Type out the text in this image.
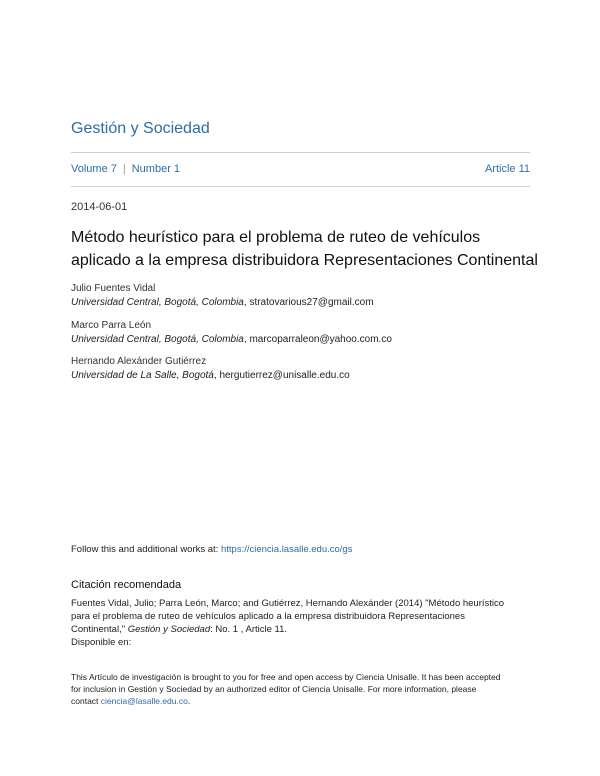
Gestión y Sociedad
Volume 7 | Number 1	Article 11
2014-06-01
Método heurístico para el problema de ruteo de vehículos
aplicado a la empresa distribuidora Representaciones Continental
Julio Fuentes Vidal
Universidad Central, Bogotá, Colombia, stratovarious27@gmail.com
Marco Parra León
Universidad Central, Bogotá, Colombia, marcoparraleon@yahoo.com.co
Hernando Alexánder Gutiérrez
Universidad de La Salle, Bogotá, hergutierrez@unisalle.edu.co
Follow this and additional works at: https://ciencia.lasalle.edu.co/gs
Citación recomendada
Fuentes Vidal, Julio; Parra León, Marco; and Gutiérrez, Hernando Alexánder (2014) "Método heurístico
para el problema de ruteo de vehículos aplicado a la empresa distribuidora Representaciones
Continental," Gestión y Sociedad: No. 1 , Article 11.
Disponible en:
This Artículo de investigación is brought to you for free and open access by Ciencia Unisalle. It has been accepted
for inclusion in Gestión y Sociedad by an authorized editor of Ciencia Unisalle. For more information, please
contact ciencia@lasalle.edu.co.
